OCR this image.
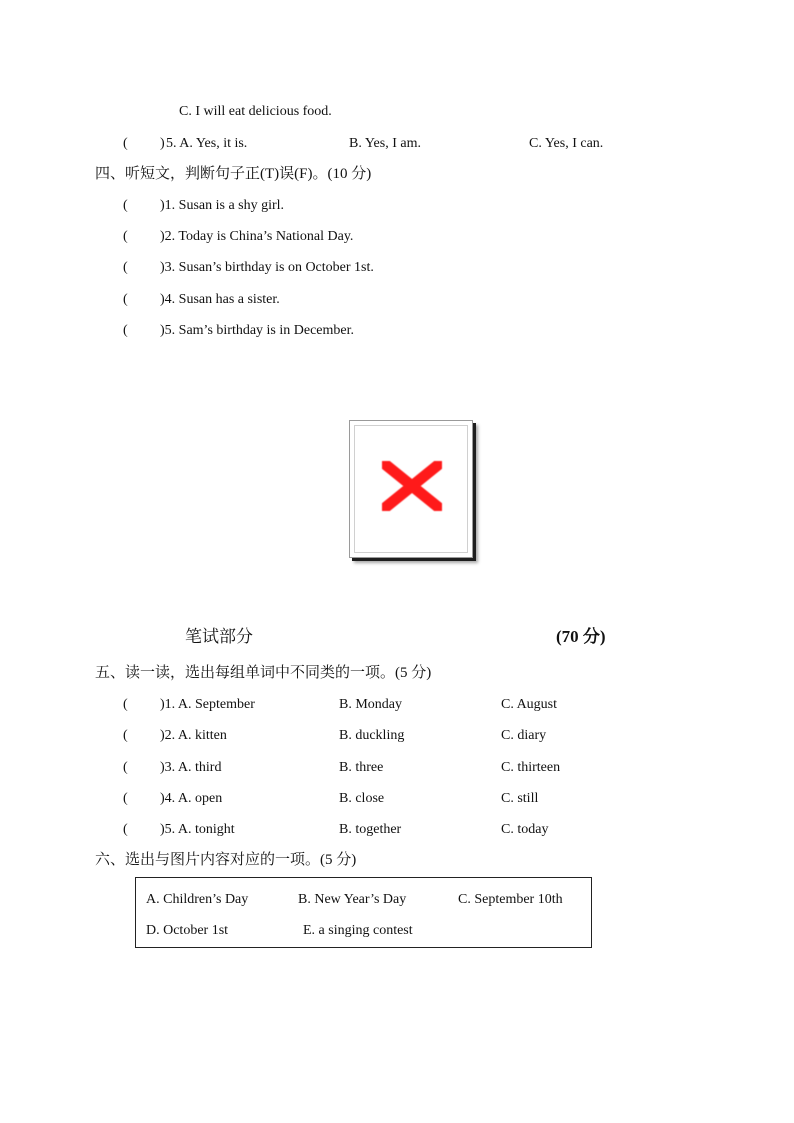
C. I will eat delicious food.
( ) 5. A. Yes, it is.	B. Yes, I am.	C. Yes, I can.
四、听短文，判断句子正(T)误(F)。(10 分)
( )1. Susan is a shy girl.
( )2. Today is China’s National Day.
( )3. Susan’s birthday is on October 1st.
( )4. Susan has a sister.
( )5. Sam’s birthday is in December.
笔试部分	(70 分)
五、读一读，选出每组单词中不同类的一项。(5 分)
( )1. A. September	B. Monday	C. August
( )2. A. kitten	B. duckling	C. diary
( )3. A. third	B. three	C. thirteen
( )4. A. open	B. close	C. still
( )5. A. tonight	B. together	C. today
六、选出与图片内容对应的一项。(5 分)
A. Children’s Day	B. New Year’s Day	C. September 10th
D. October 1st	E. a singing contest
